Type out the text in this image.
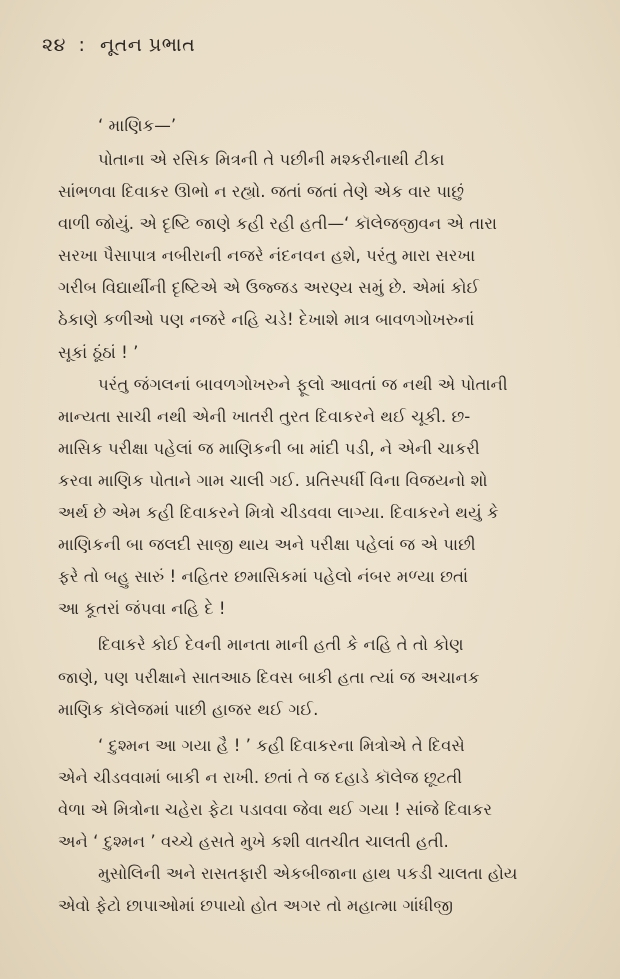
૨૪ : નૂતન પ્રભાત
‘ માણિક—’
પોતાના એ રસિક મિત્રની તે પછીની મશ્કરીનાથી ટીકા
સાંભળવા દિવાકર ઊભો ન રહ્યો. જતાં જતાં તેણે એક વાર પાછું
વાળી જોયું. એ દૃષ્ટિ જાણે કહી રહી હતી—‘ કૉલેજજીવન એ તારા
સરખા પૈસાપાત્ર નબીરાની નજરે નંદનવન હશે, પરંતુ મારા સરખા
ગરીબ વિદ્યાર્થીની દૃષ્ટિએ એ ઉજ્જડ અરણ્ય સમું છે. એમાં કોઈ
ઠેકાણે કળીઓ પણ નજરે નહિ ચડે! દેખાશે માત્ર બાવળગોખરુનાં
સૂકાં ઠૂંઠાં ! ’
પરંતુ જંગલનાં બાવળગોખરુને ફૂલો આવતાં જ નથી એ પોતાની
માન્યતા સાચી નથી એની ખાતરી તુરત દિવાકરને થઈ ચૂકી. છ-
માસિક પરીક્ષા પહેલાં જ માણિકની બા માંદી પડી, ને એની ચાકરી
કરવા માણિક પોતાને ગામ ચાલી ગઈ. પ્રતિસ્પર્ધી વિના વિજયનો શો
અર્થ છે એમ કહી દિવાકરને મિત્રો ચીડવવા લાગ્યા. દિવાકરને થયું કે
માણિકની બા જલદી સાજી થાય અને પરીક્ષા પહેલાં જ એ પાછી
ફરે તો બહુ સારું ! નહિતર છમાસિકમાં પહેલો નંબર મળ્યા છતાં
આ કૂતરાં જંપવા નહિ દે !
દિવાકરે કોઈ દેવની માનતા માની હતી કે નહિ તે તો કોણ
જાણે, પણ પરીક્ષાને સાતઆઠ દિવસ બાકી હતા ત્યાં જ અચાનક
માણિક કૉલેજમાં પાછી હાજર થઈ ગઈ.
‘ દુશ્મન આ ગયા હૈ ! ’ કહી દિવાકરના મિત્રોએ તે દિવસે
એને ચીડવવામાં બાકી ન રાખી. છતાં તે જ દહાડે કૉલેજ છૂટતી
વેળા એ મિત્રોના ચહેરા ફેટા પડાવવા જેવા થઈ ગયા ! સાંજે દિવાકર
અને ‘ દુશ્મન ’ વચ્ચે હસતે મુખે કશી વાતચીત ચાલતી હતી.
મુસોલિની અને રાસતફારી એકબીજાના હાથ પકડી ચાલતા હોય
એવો ફેટો છાપાઓમાં છપાયો હોત અગર તો મહાત્મા ગાંધીજી
